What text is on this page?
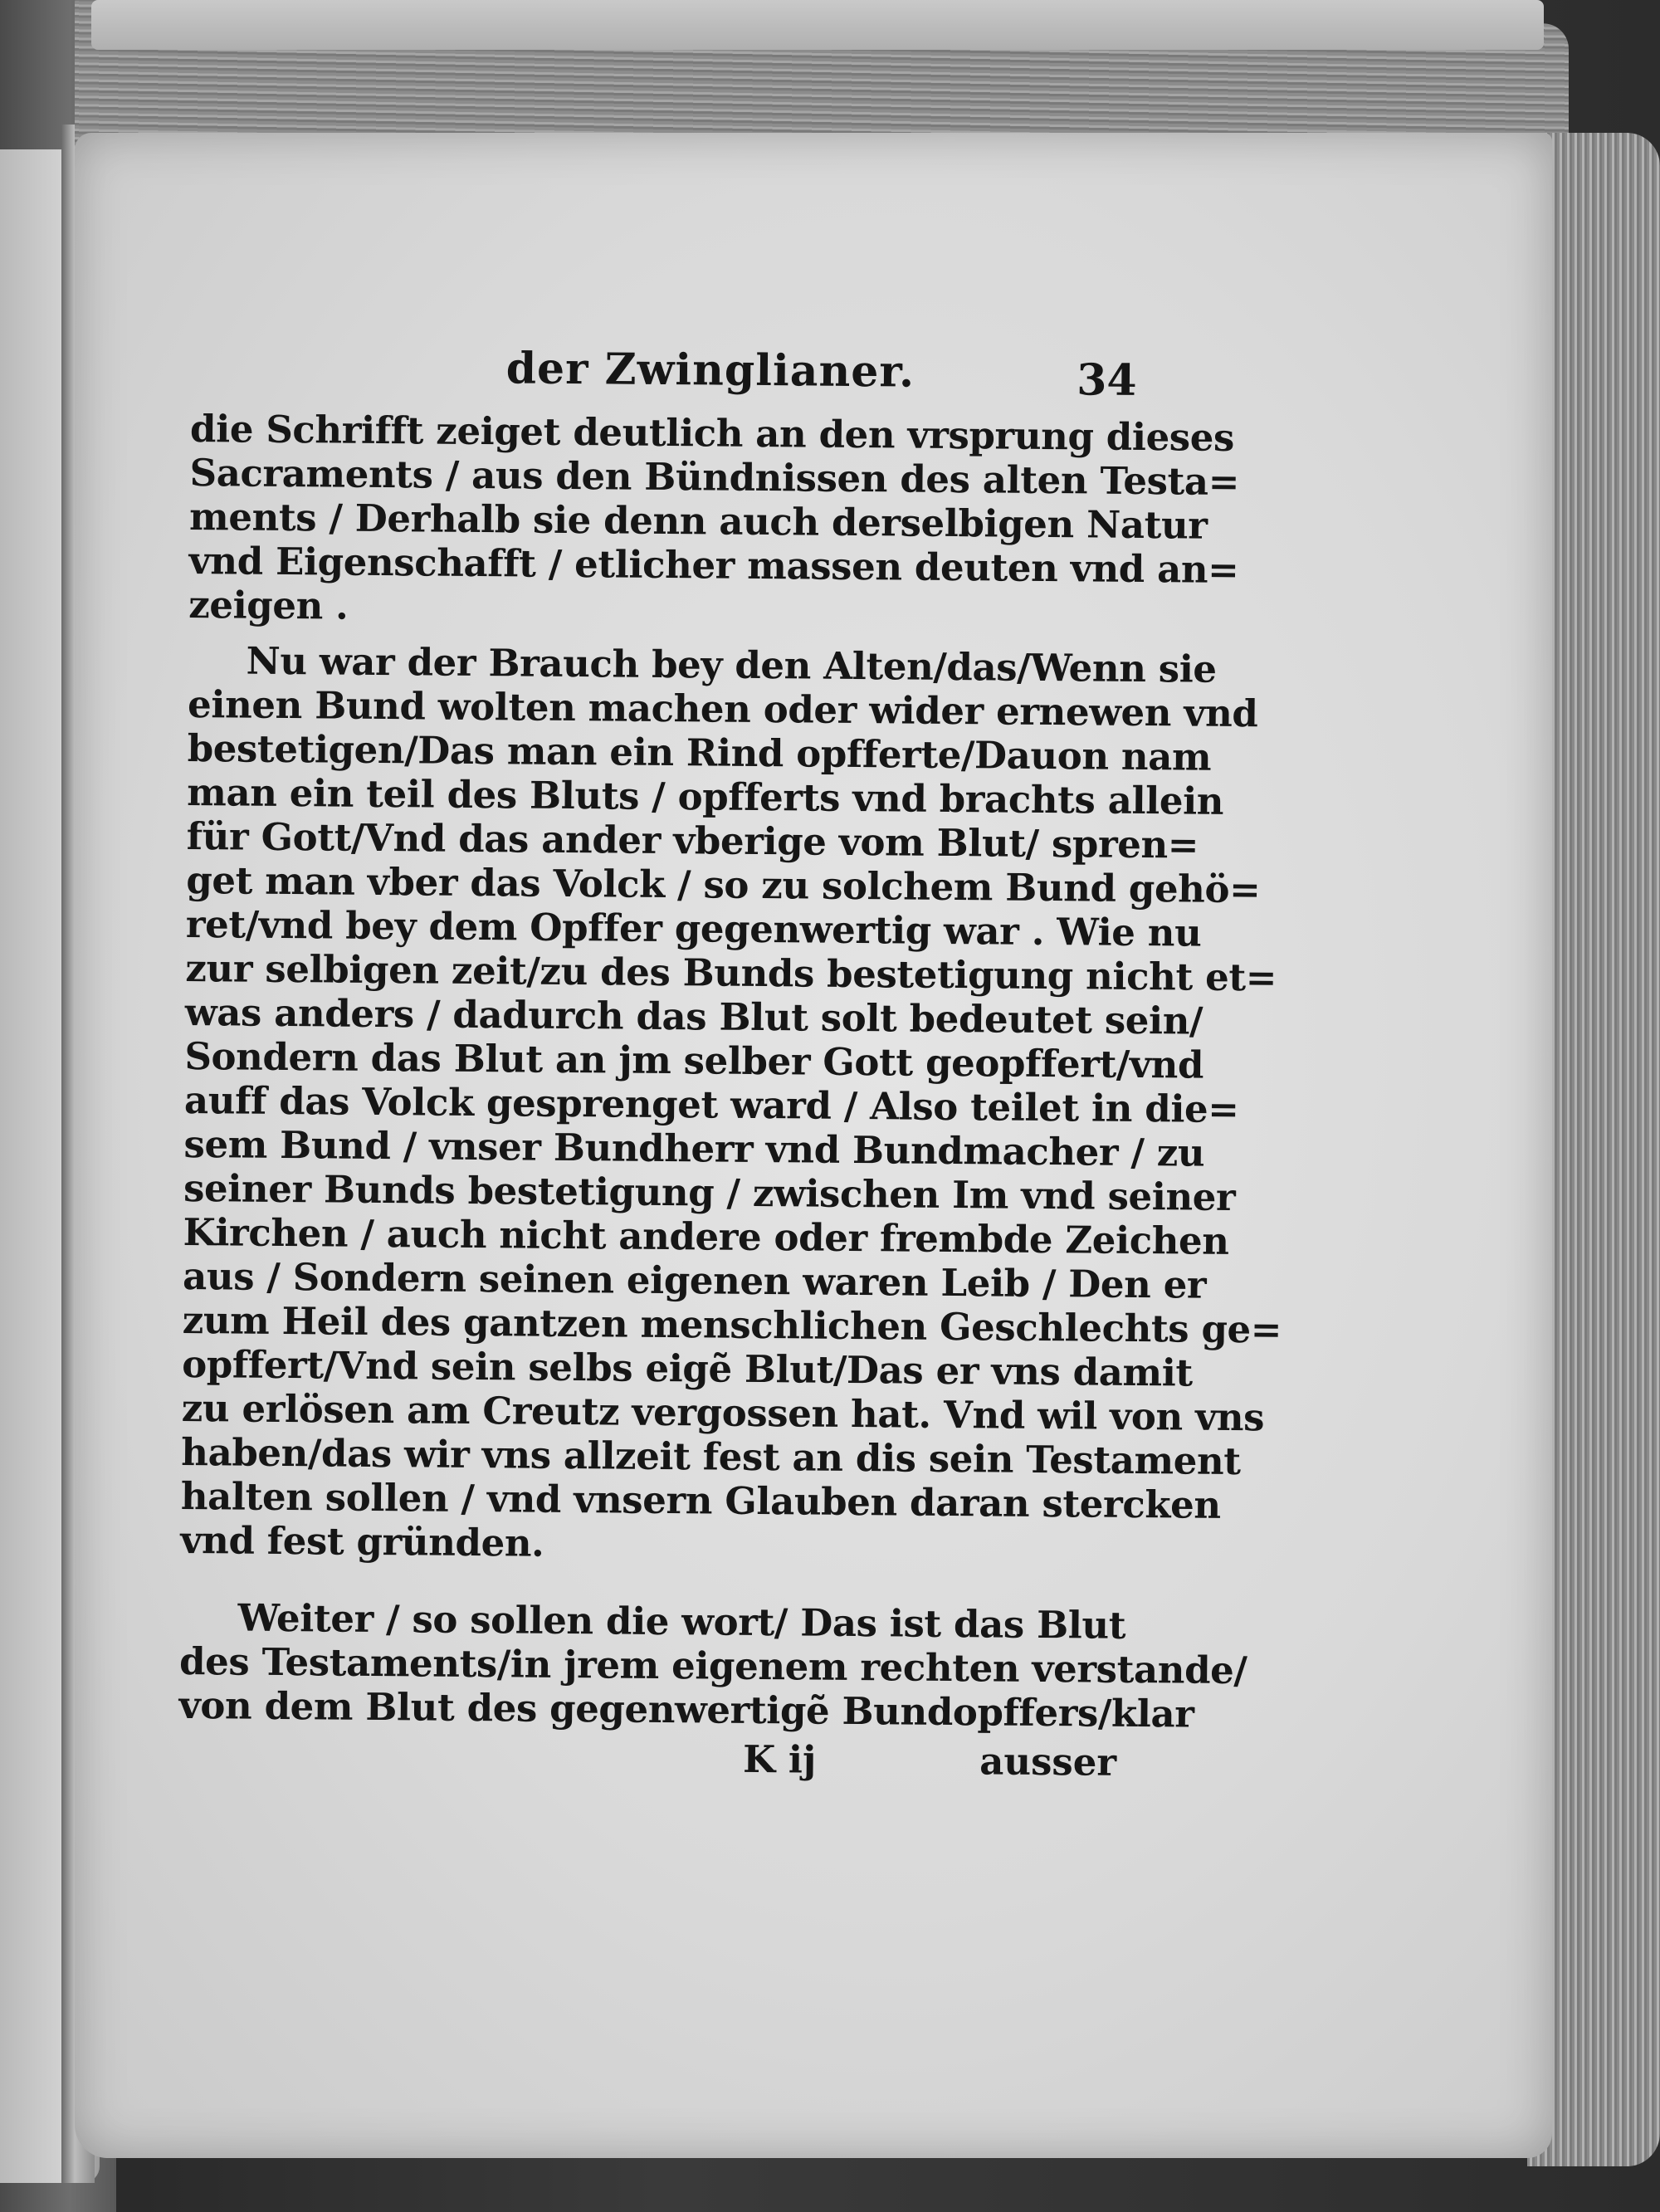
der Zwinglianer.	34
die Schrifft zeiget deutlich an den vrsprung dieses
Sacraments / aus den Bündnissen des alten Testa=
ments / Derhalb sie denn auch derselbigen Natur
vnd Eigenschafft / etlicher massen deuten vnd an=
zeigen .
Nu war der Brauch bey den Alten/das/Wenn sie
einen Bund wolten machen oder wider ernewen vnd
bestetigen/Das man ein Rind opfferte/Dauon nam
man ein teil des Bluts / opfferts vnd brachts allein
für Gott/Vnd das ander vberige vom Blut/ spren=
get man vber das Volck / so zu solchem Bund gehö=
ret/vnd bey dem Opffer gegenwertig war . Wie nu
zur selbigen zeit/zu des Bunds bestetigung nicht et=
was anders / dadurch das Blut solt bedeutet sein/
Sondern das Blut an jm selber Gott geopffert/vnd
auff das Volck gesprenget ward / Also teilet in die=
sem Bund / vnser Bundherr vnd Bundmacher / zu
seiner Bunds bestetigung / zwischen Im vnd seiner
Kirchen / auch nicht andere oder frembde Zeichen
aus / Sondern seinen eigenen waren Leib / Den er
zum Heil des gantzen menschlichen Geschlechts ge=
opffert/Vnd sein selbs eigẽ Blut/Das er vns damit
zu erlösen am Creutz vergossen hat. Vnd wil von vns
haben/das wir vns allzeit fest an dis sein Testament
halten sollen / vnd vnsern Glauben daran stercken
vnd fest gründen.
Weiter / so sollen die wort/ Das ist das Blut
des Testaments/in jrem eigenem rechten verstande/
von dem Blut des gegenwertigẽ Bundopffers/klar
K ij	ausser
